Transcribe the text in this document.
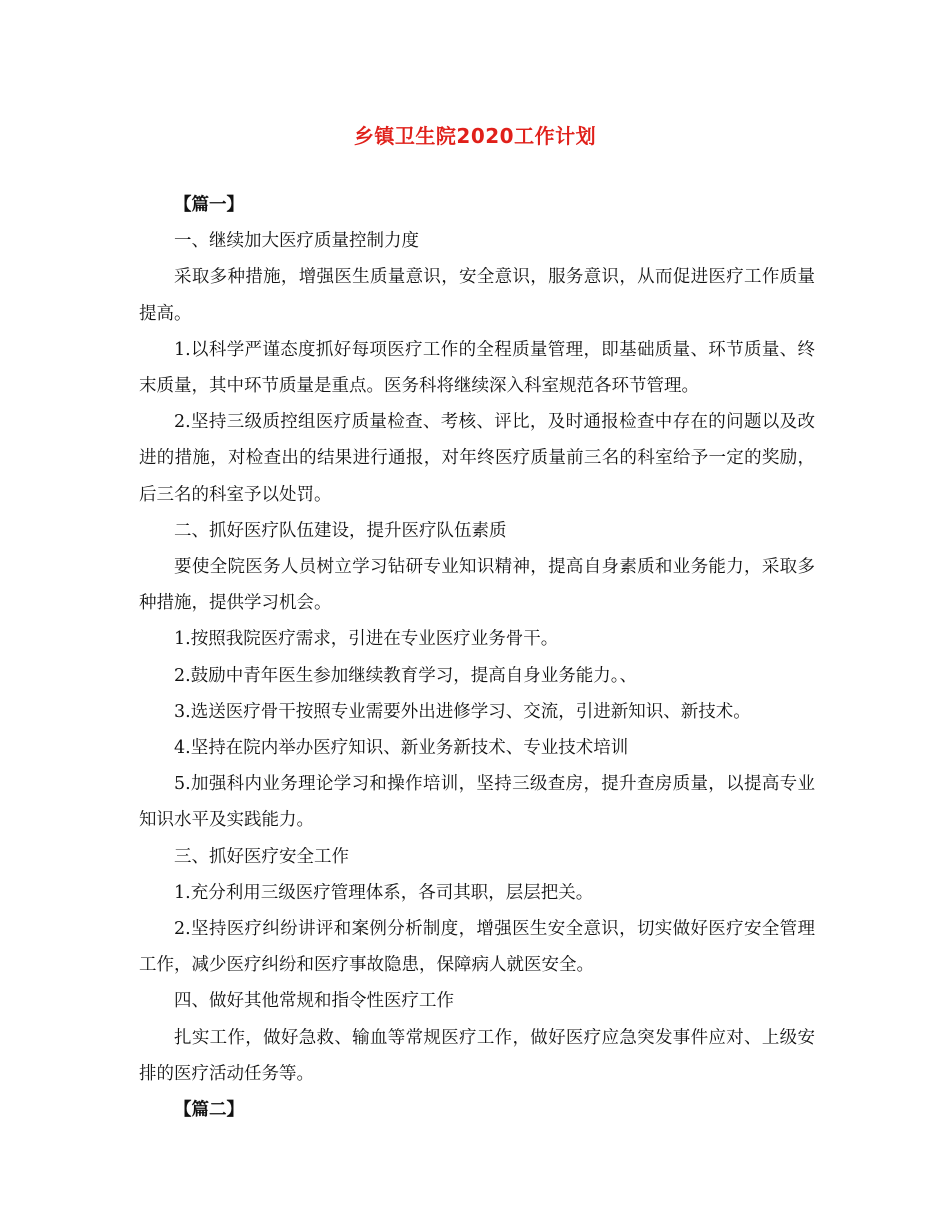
乡镇卫生院2020工作计划

【篇一】

一、继续加大医疗质量控制力度

采取多种措施，增强医生质量意识，安全意识，服务意识，从而促进医疗工作质量提高。

1.以科学严谨态度抓好每项医疗工作的全程质量管理，即基础质量、环节质量、终末质量，其中环节质量是重点。医务科将继续深入科室规范各环节管理。

2.坚持三级质控组医疗质量检查、考核、评比，及时通报检查中存在的问题以及改进的措施，对检查出的结果进行通报，对年终医疗质量前三名的科室给予一定的奖励，后三名的科室予以处罚。

二、抓好医疗队伍建设，提升医疗队伍素质

要使全院医务人员树立学习钻研专业知识精神，提高自身素质和业务能力，采取多种措施，提供学习机会。

1.按照我院医疗需求，引进在专业医疗业务骨干。

2.鼓励中青年医生参加继续教育学习，提高自身业务能力。、

3.选送医疗骨干按照专业需要外出进修学习、交流，引进新知识、新技术。

4.坚持在院内举办医疗知识、新业务新技术、专业技术培训

5.加强科内业务理论学习和操作培训，坚持三级查房，提升查房质量，以提高专业知识水平及实践能力。

三、抓好医疗安全工作

1.充分利用三级医疗管理体系，各司其职，层层把关。

2.坚持医疗纠纷讲评和案例分析制度，增强医生安全意识，切实做好医疗安全管理工作，减少医疗纠纷和医疗事故隐患，保障病人就医安全。

四、做好其他常规和指令性医疗工作

扎实工作，做好急救、输血等常规医疗工作，做好医疗应急突发事件应对、上级安排的医疗活动任务等。

【篇二】
